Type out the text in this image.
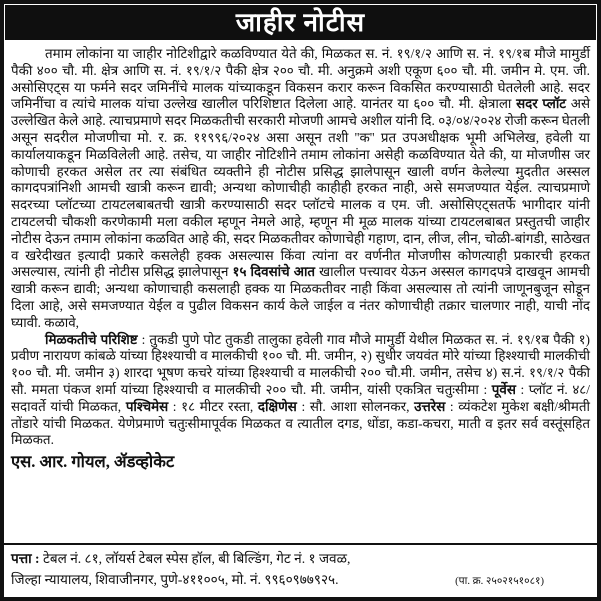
जाहीर नोटीस

तमाम लोकांना या जाहीर नोटिशीद्वारे कळविण्यात येते की, मिळकत स. नं. १९/१/२ आणि स. नं. १९/१ब मौजे मामुर्डी पैकी ४०० चौ. मी. क्षेत्र आणि स. नं. १९/१/२ पैकी क्षेत्र २०० चौ. मी. अनुक्रमे अशी एकूण ६०० चौ. मी. जमीन मे. एम. जी. असोसिएट्स या फर्मने सदर जमिनींचे मालक यांच्याकडून विकसन करार करून विकसित करण्यासाठी घेतलेली आहे. सदर जमिनींचा व त्यांचे मालक यांचा उल्लेख खालील परिशिष्टात दिलेला आहे. यानंतर या ६०० चौ. मी. क्षेत्राला सदर प्लॉट असे उल्लेखित केले आहे. त्याचप्रमाणे सदर मिळकतीची सरकारी मोजणी आमचे अशील यांनी दि. ०३/०४/२०२४ रोजी करून घेतली असून सदरील मोजणीचा मो. र. क्र. ११९९६/२०२४ असा असून तशी ''क'' प्रत उपअधीक्षक भूमी अभिलेख, हवेली या कार्यालयाकडून मिळविलेली आहे. तसेच, या जाहीर नोटिशीने तमाम लोकांना असेही कळविण्यात येते की, या मोजणीस जर कोणाची हरकत असेल तर त्या संबंधित व्यक्तीने ही नोटीस प्रसिद्ध झालेपासून खाली वर्णन केलेल्या मुदतीत अस्सल कागदपत्रांनिशी आमची खात्री करून द्यावी; अन्यथा कोणाचीही काहीही हरकत नाही, असे समजण्यात येईल. त्याचप्रमाणे सदरच्या प्लॉटच्या टायटलबाबतची खात्री करण्यासाठी सदर प्लॉटचे मालक व एम. जी. असोसिएट्सतर्फे भागीदार यांनी टायटलची चौकशी करणेकामी मला वकील म्हणून नेमले आहे, म्हणून मी मूळ मालक यांच्या टायटलबाबत प्रस्तुतची जाहीर नोटीस देऊन तमाम लोकांना कळवित आहे की, सदर मिळकतीवर कोणाचेही गहाण, दान, लीज, लीन, चोळी-बांगडी, साठेखत व खरेदीखत इत्यादी प्रकारे कसलेही हक्क असल्यास किंवा त्यांना वर वर्णनीत मोजणीस कोणत्याही प्रकारची हरकत असल्यास, त्यांनी ही नोटीस प्रसिद्ध झालेपासून १५ दिवसांचे आत खालील पत्त्यावर येऊन अस्सल कागदपत्रे दाखवून आमची खात्री करून द्यावी; अन्यथा कोणाचाही कसलाही हक्क या मिळकतीवर नाही किंवा असल्यास तो त्यांनी जाणूनबुजून सोडून दिला आहे, असे समजण्यात येईल व पुढील विकसन कार्य केले जाईल व नंतर कोणाचीही तक्रार चालणार नाही, याची नोंद घ्यावी. कळावे,

मिळकतीचे परिशिष्ट : तुकडी पुणे पोट तुकडी तालुका हवेली गाव मौजे मामुर्डी येथील मिळकत स. नं. १९/१ब पैकी १) प्रवीण नारायण कांबळे यांच्या हिश्श्याची व मालकीची १०० चौ. मी. जमीन, २) सुधीर जयवंत मोरे यांच्या हिश्श्याची मालकीची १०० चौ. मी. जमीन ३) शारदा भूषण कचरे यांच्या हिश्श्याची व मालकीची २०० चौ.मी. जमीन, तसेच ४) स.नं. १९/१/२ पैकी सौ. ममता पंकज शर्मा यांच्या हिश्श्याची व मालकीची २०० चौ. मी. जमीन, यांसी एकत्रित चतुःसीमा : पूर्वेस : प्लॉट नं. ४८/सदावर्ते यांची मिळकत, पश्चिमेस : १८ मीटर रस्ता, दक्षिणेस : सौ. आशा सोलनकर, उत्तरेस : व्यंकटेश मुकेश बक्षी/श्रीमती तोंडारे यांची मिळकत. येणेप्रमाणे चतुःसीमापूर्वक मिळकत व त्यातील दगड, धोंडा, कडा-कचरा, माती व इतर सर्व वस्तूंसहित मिळकत.

एस. आर. गोयल, ॲडव्होकेट

पत्ता : टेबल नं. ८१, लॉयर्स टेबल स्पेस हॉल, बी बिल्डिंग, गेट नं. १ जवळ,
जिल्हा न्यायालय, शिवाजीनगर, पुणे-४११००५, मो. नं. ९९६०९७७९२५.	(पा. क्र. २५०२१५१०८१)
